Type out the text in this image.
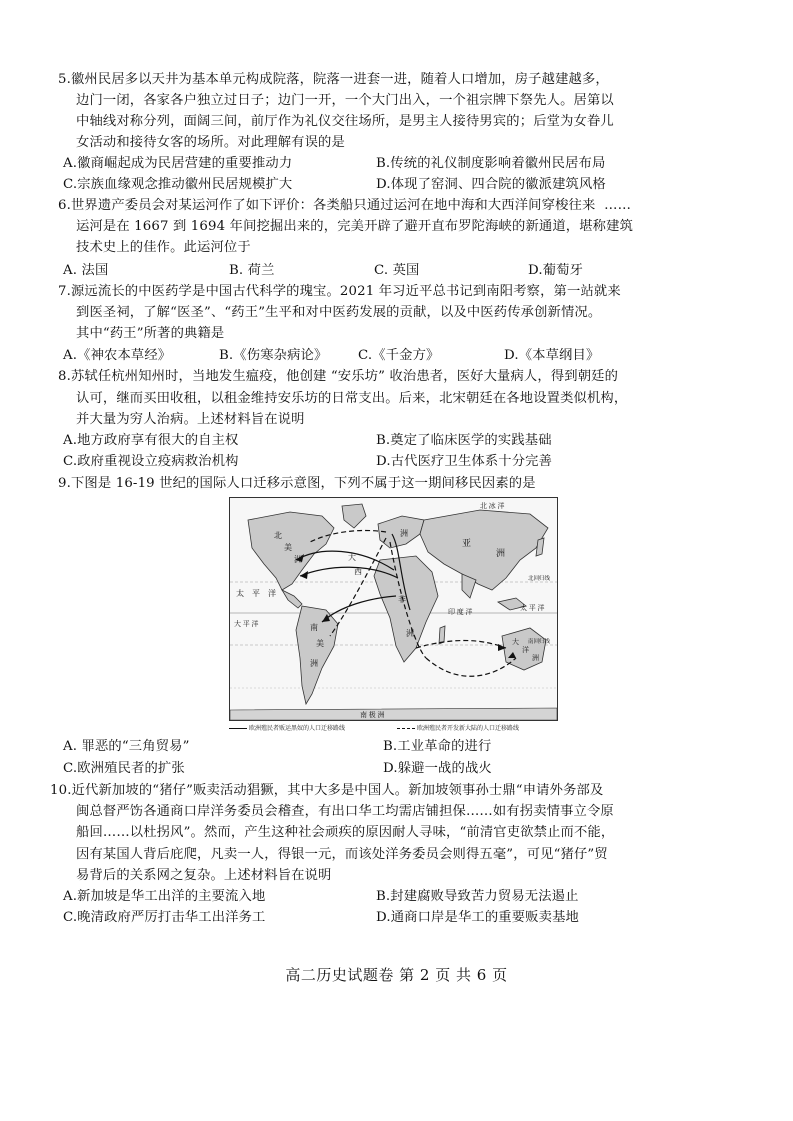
5.徽州民居多以天井为基本单元构成院落，院落一进套一进，随着人口增加，房子越建越多，
边门一闭，各家各户独立过日子；边门一开，一个大门出入，一个祖宗牌下祭先人。居第以
中轴线对称分列，面阔三间，前厅作为礼仪交往场所，是男主人接待男宾的；后堂为女眷儿
女活动和接待女客的场所。对此理解有误的是
A.徽商崛起成为民居营建的重要推动力	B.传统的礼仪制度影响着徽州民居布局
C.宗族血缘观念推动徽州民居规模扩大	D.体现了窑洞、四合院的徽派建筑风格
6.世界遗产委员会对某运河作了如下评价：各类船只通过运河在地中海和大西洋间穿梭往来  ……
运河是在 1667 到 1694 年间挖掘出来的，完美开辟了避开直布罗陀海峡的新通道，堪称建筑
技术史上的佳作。此运河位于
A. 法国	B. 荷兰	C. 英国	D.葡萄牙
7.源远流长的中医药学是中国古代科学的瑰宝。2021 年习近平总书记到南阳考察，第一站就来
到医圣祠，了解“医圣”、“药王”生平和对中医药发展的贡献，以及中医药传承创新情况。
其中“药王”所著的典籍是
A.《神农本草经》	B.《伤寒杂病论》 C.《千金方》	D.《本草纲目》
8.苏轼任杭州知州时，当地发生瘟疫，他创建 “安乐坊” 收治患者，医好大量病人，得到朝廷的
认可，继而买田收租，以租金维持安乐坊的日常支出。后来，北宋朝廷在各地设置类似机构，
并大量为穷人治病。上述材料旨在说明
A.地方政府享有很大的自主权	B.奠定了临床医学的实践基础
C.政府重视设立疫病救治机构	D.古代医疗卫生体系十分完善
9.下图是 16-19 世纪的国际人口迁移示意图，下列不属于这一期间移民因素的是
北 冰 洋
洲
亚
洲
北
美
洲	大
西
太 平 洋
大 平 洋
太 平 洋
非
洲
印 度 洋
南
美
洲
大
洋
洲
北回归线
南回归线
南 极 洲
欧洲殖民者贩运黑奴的人口迁移路线	欧洲殖民者开发新大陆的人口迁移路线
A. 罪恶的“三角贸易”	B.工业革命的进行
C.欧洲殖民者的扩张	D.躲避一战的战火
10.近代新加坡的“猪仔”贩卖活动猖獗，其中大多是中国人。新加坡领事孙士鼎“申请外务部及
闽总督严饬各通商口岸洋务委员会稽查，有出口华工均需店铺担保……如有拐卖情事立令原
船回……以杜拐风”。然而，产生这种社会顽疾的原因耐人寻味，“前清官吏欲禁止而不能，
因有某国人背后庇爬，凡卖一人，得银一元，而该处洋务委员会则得五毫”，可见“猪仔”贸
易背后的关系网之复杂。上述材料旨在说明
A.新加坡是华工出洋的主要流入地	B.封建腐败导致苦力贸易无法遏止
C.晚清政府严厉打击华工出洋务工	D.通商口岸是华工的重要贩卖基地
高二历史试题卷 第 2 页 共 6 页
